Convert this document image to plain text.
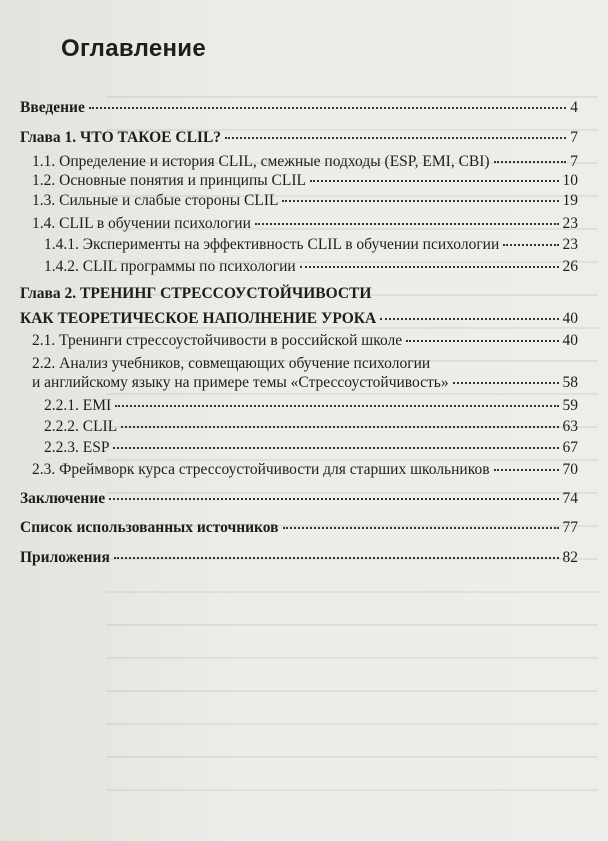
Оглавление
Введение	4
Глава 1. ЧТО ТАКОЕ CLIL?	7
1.1. Определение и история CLIL, смежные подходы (ESP, EMI, CBI)	7
1.2. Основные понятия и принципы CLIL	10
1.3. Сильные и слабые стороны CLIL	19
1.4. CLIL в обучении психологии	23
1.4.1. Эксперименты на эффективность CLIL в обучении психологии	23
1.4.2. CLIL программы по психологии	26
Глава 2. ТРЕНИНГ СТРЕССОУСТОЙЧИВОСТИ
КАК ТЕОРЕТИЧЕСКОЕ НАПОЛНЕНИЕ УРОКА	40
2.1. Тренинги стрессоустойчивости в российской школе	40
2.2. Анализ учебников, совмещающих обучение психологии
и английскому языку на примере темы «Стрессоустойчивость»	58
2.2.1. EMI	59
2.2.2. CLIL	63
2.2.3. ESP	67
2.3. Фреймворк курса стрессоустойчивости для старших школьников	70
Заключение	74
Список использованных источников	77
Приложения	82
